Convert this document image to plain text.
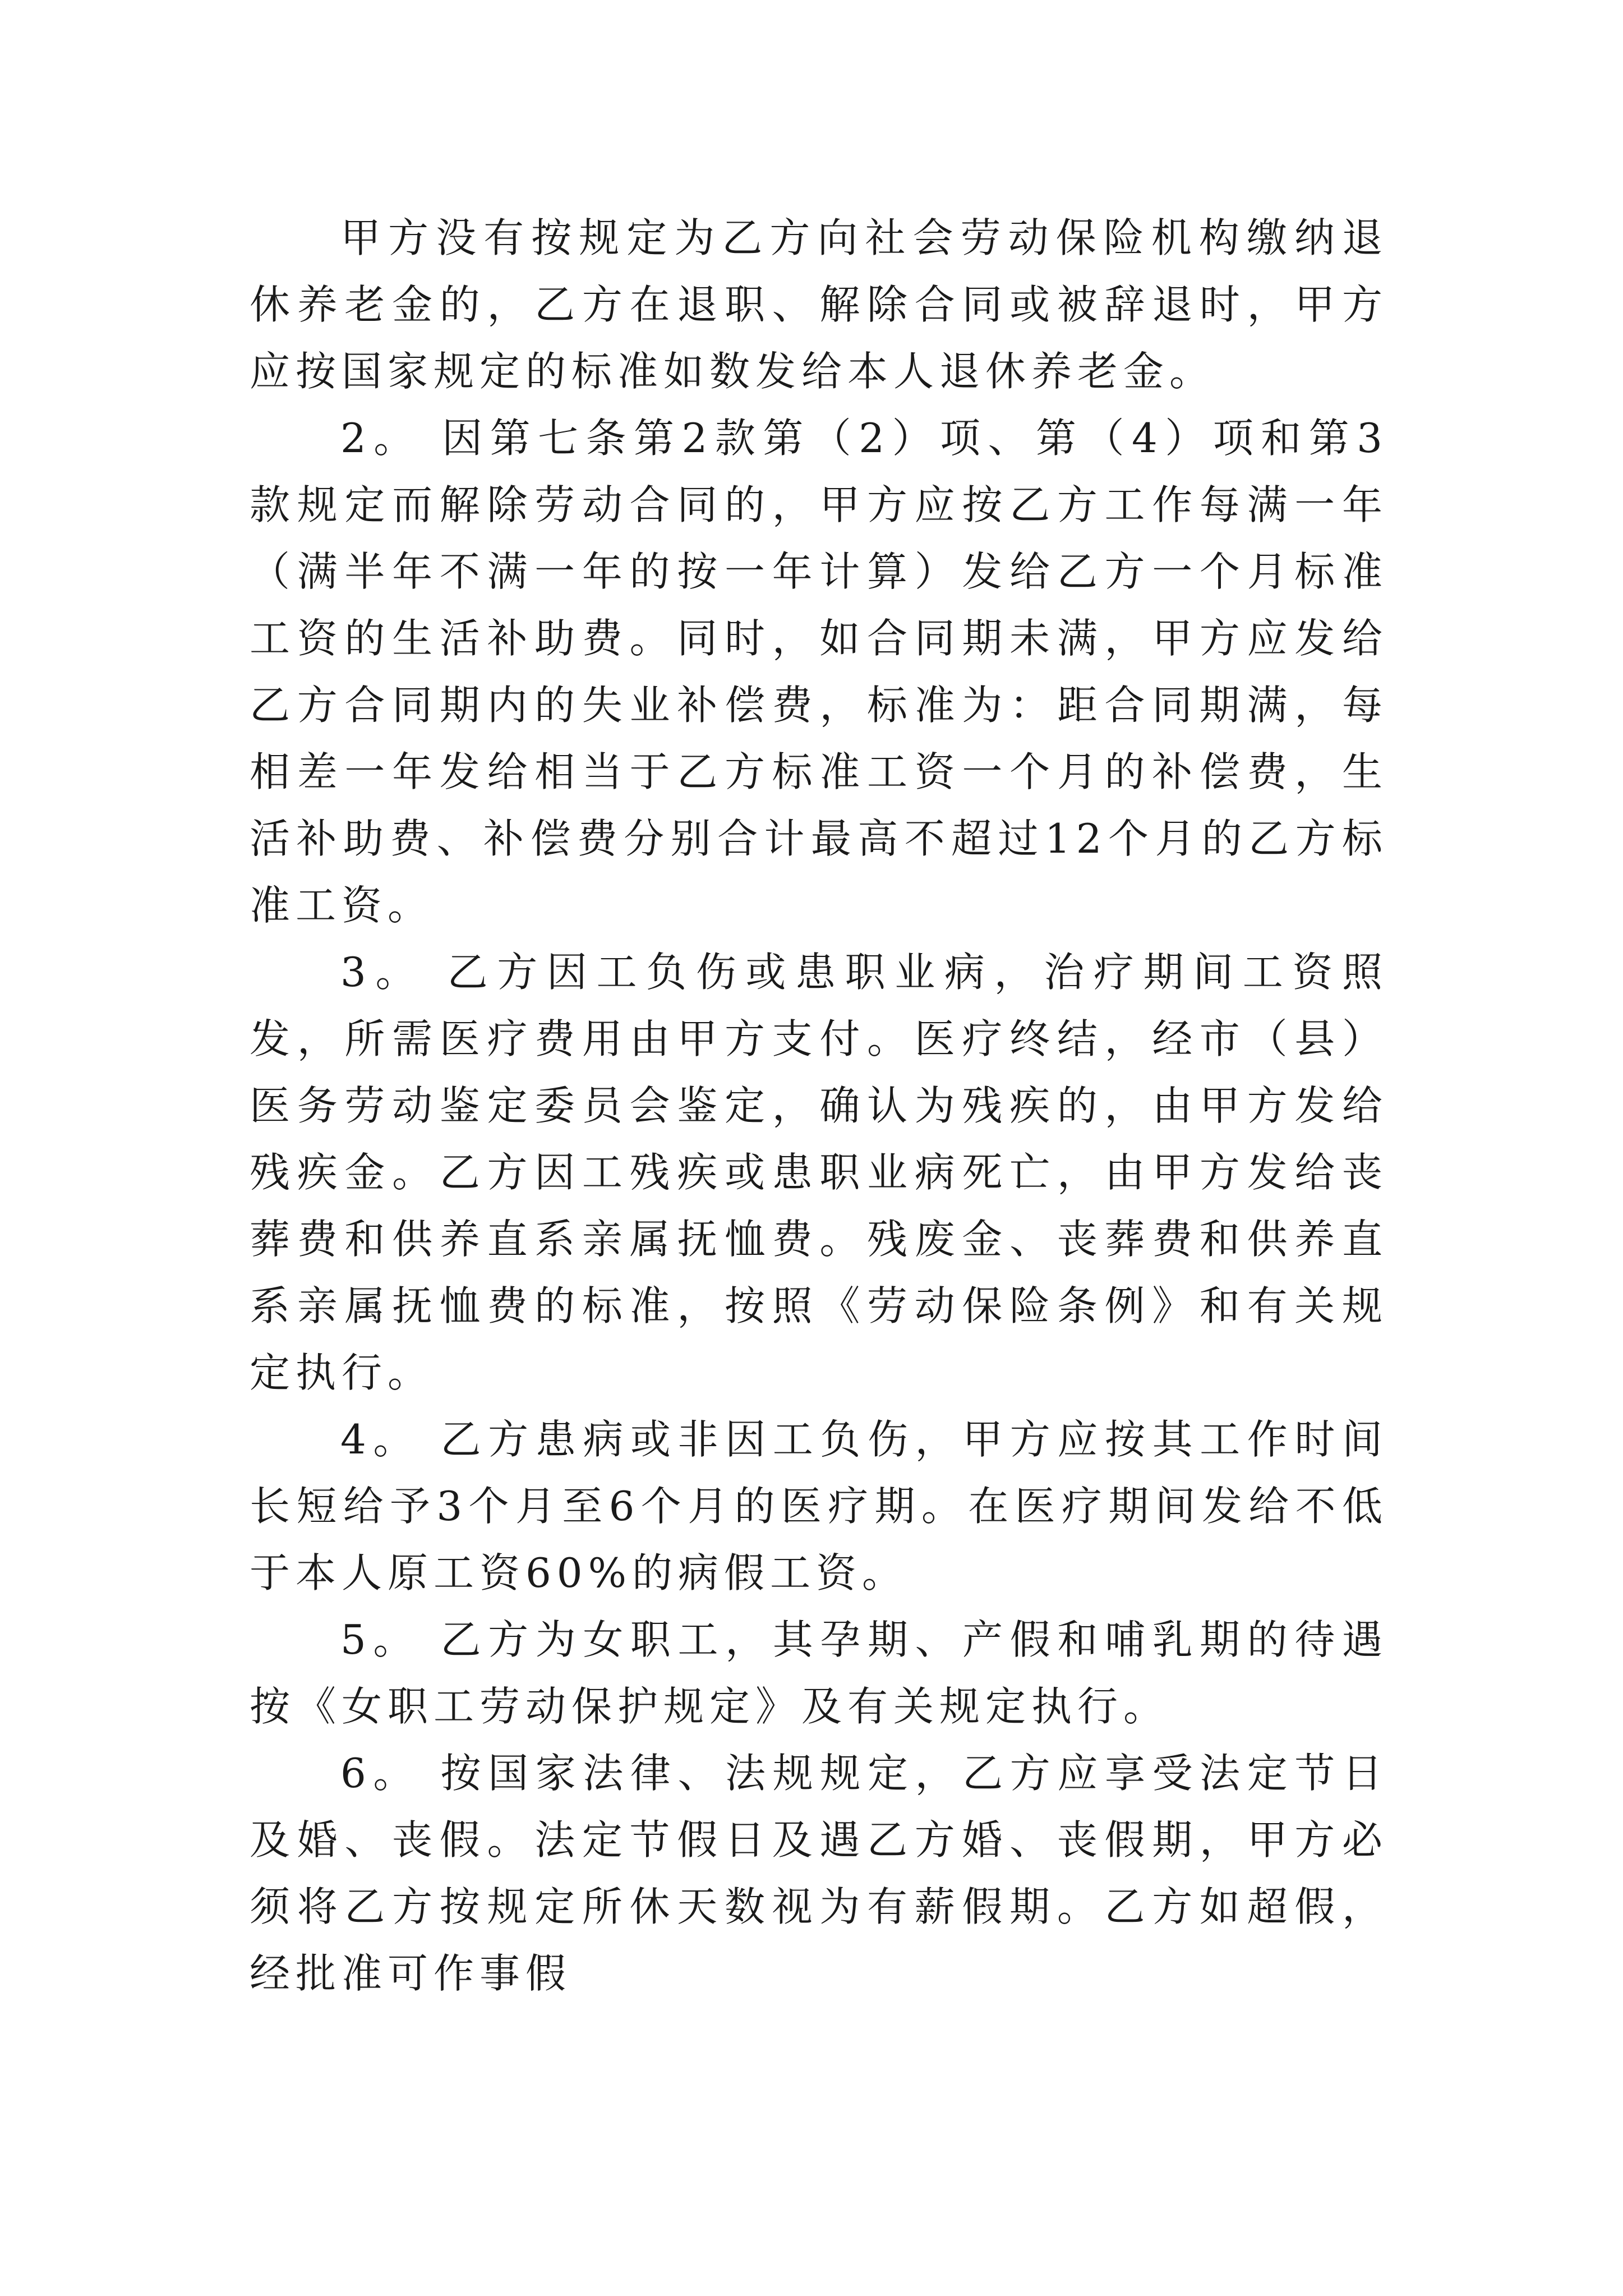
甲方没有按规定为乙方向社会劳动保险机构缴纳退休养老金的，乙方在退职、解除合同或被辞退时，甲方应按国家规定的标准如数发给本人退休养老金。

2。 因第七条第2款第（2）项、第（4）项和第3款规定而解除劳动合同的，甲方应按乙方工作每满一年（满半年不满一年的按一年计算）发给乙方一个月标准工资的生活补助费。同时，如合同期未满，甲方应发给乙方合同期内的失业补偿费，标准为：距合同期满，每相差一年发给相当于乙方标准工资一个月的补偿费，生活补助费、补偿费分别合计最高不超过12个月的乙方标准工资。

3。 乙方因工负伤或患职业病，治疗期间工资照发，所需医疗费用由甲方支付。医疗终结，经市（县）医务劳动鉴定委员会鉴定，确认为残疾的，由甲方发给残疾金。乙方因工残疾或患职业病死亡，由甲方发给丧葬费和供养直系亲属抚恤费。残废金、丧葬费和供养直系亲属抚恤费的标准，按照《劳动保险条例》和有关规定执行。

4。 乙方患病或非因工负伤，甲方应按其工作时间长短给予3个月至6个月的医疗期。在医疗期间发给不低于本人原工资60%的病假工资。

5。 乙方为女职工，其孕期、产假和哺乳期的待遇按《女职工劳动保护规定》及有关规定执行。

6。 按国家法律、法规规定，乙方应享受法定节日及婚、丧假。法定节假日及遇乙方婚、丧假期，甲方必须将乙方按规定所休天数视为有薪假期。乙方如超假，经批准可作事假
